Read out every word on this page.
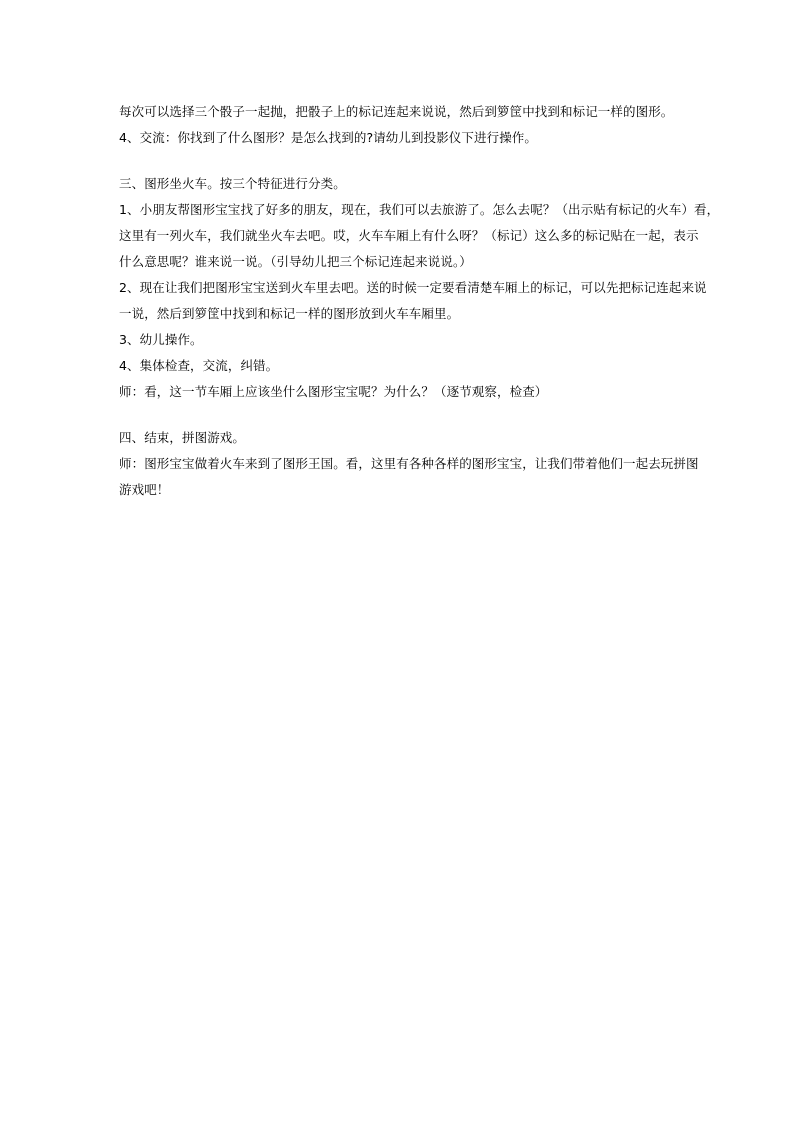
每次可以选择三个骰子一起抛，把骰子上的标记连起来说说，然后到箩筐中找到和标记一样的图形。
4、交流：你找到了什么图形？是怎么找到的?请幼儿到投影仪下进行操作。
三、图形坐火车。按三个特征进行分类。
1、小朋友帮图形宝宝找了好多的朋友，现在，我们可以去旅游了。怎么去呢？（出示贴有标记的火车）看，
这里有一列火车，我们就坐火车去吧。哎，火车车厢上有什么呀？（标记）这么多的标记贴在一起，表示
什么意思呢？谁来说一说。（引导幼儿把三个标记连起来说说。）
2、现在让我们把图形宝宝送到火车里去吧。送的时候一定要看清楚车厢上的标记，可以先把标记连起来说
一说，然后到箩筐中找到和标记一样的图形放到火车车厢里。
3、幼儿操作。
4、集体检查，交流，纠错。
师：看，这一节车厢上应该坐什么图形宝宝呢？为什么？（逐节观察，检查）
四、结束，拼图游戏。
师：图形宝宝做着火车来到了图形王国。看，这里有各种各样的图形宝宝，让我们带着他们一起去玩拼图
游戏吧！
